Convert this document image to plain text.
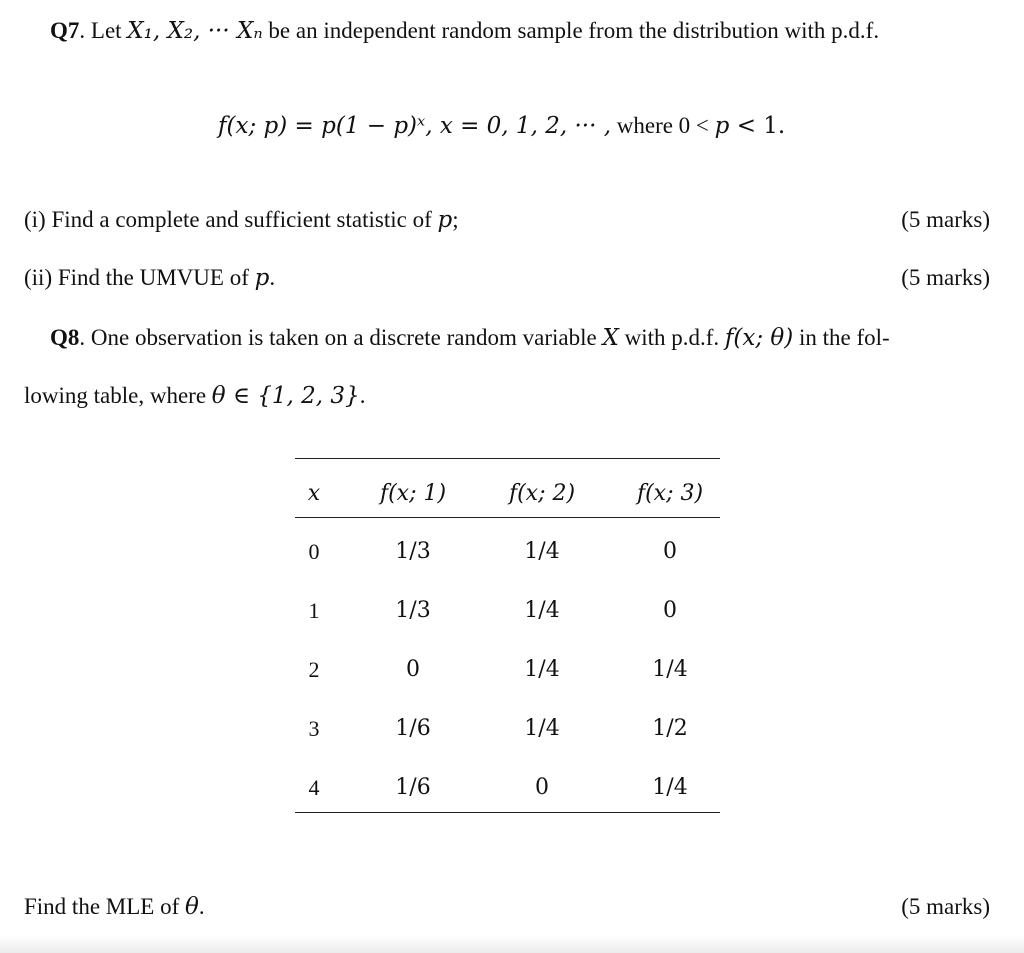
Q7. Let X₁, X₂, ··· Xₙ be an independent random sample from the distribution with p.d.f.
f(x; p) = p(1 − p)ˣ, x = 0, 1, 2, ··· , where 0 < p < 1.
(i) Find a complete and sufficient statistic of p;	(5 marks)
(ii) Find the UMVUE of p.	(5 marks)
Q8. One observation is taken on a discrete random variable X with p.d.f. f(x; θ) in the fol-
lowing table, where θ ∈ {1, 2, 3}.
x	f(x; 1)	f(x; 2)	f(x; 3)
0	1/3	1/4	0
1	1/3	1/4	0
2	0	1/4	1/4
3	1/6	1/4	1/2
4	1/6	0	1/4
Find the MLE of θ.	(5 marks)
